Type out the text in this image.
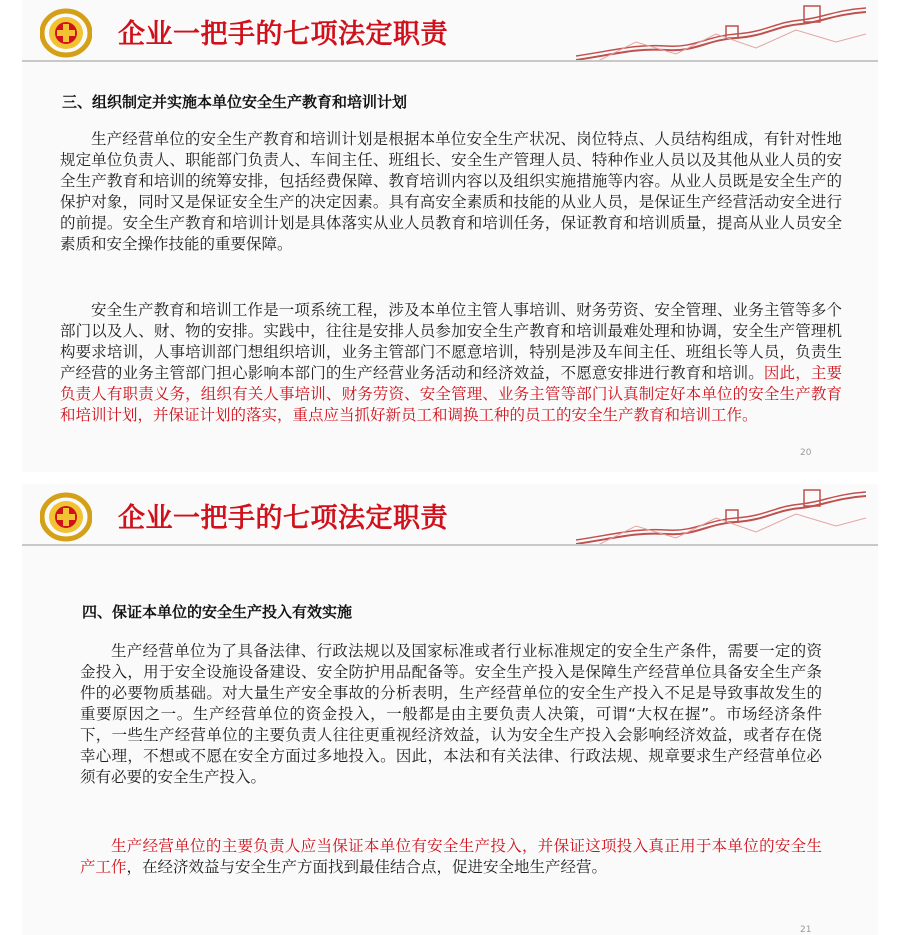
企业一把手的七项法定职责
三、组织制定并实施本单位安全生产教育和培训计划

生产经营单位的安全生产教育和培训计划是根据本单位安全生产状况、岗位特点、人员结构组成，有针对性地规定单位负责人、职能部门负责人、车间主任、班组长、安全生产管理人员、特种作业人员以及其他从业人员的安全生产教育和培训的统筹安排，包括经费保障、教育培训内容以及组织实施措施等内容。从业人员既是安全生产的保护对象，同时又是保证安全生产的决定因素。具有高安全素质和技能的从业人员，是保证生产经营活动安全进行的前提。安全生产教育和培训计划是具体落实从业人员教育和培训任务，保证教育和培训质量，提高从业人员安全素质和安全操作技能的重要保障。

安全生产教育和培训工作是一项系统工程，涉及本单位主管人事培训、财务劳资、安全管理、业务主管等多个部门以及人、财、物的安排。实践中，往往是安排人员参加安全生产教育和培训最难处理和协调，安全生产管理机构要求培训，人事培训部门想组织培训，业务主管部门不愿意培训，特别是涉及车间主任、班组长等人员，负责生产经营的业务主管部门担心影响本部门的生产经营业务活动和经济效益，不愿意安排进行教育和培训。因此，主要负责人有职责义务，组织有关人事培训、财务劳资、安全管理、业务主管等部门认真制定好本单位的安全生产教育和培训计划，并保证计划的落实，重点应当抓好新员工和调换工种的员工的安全生产教育和培训工作。

20
企业一把手的七项法定职责
四、保证本单位的安全生产投入有效实施

生产经营单位为了具备法律、行政法规以及国家标准或者行业标准规定的安全生产条件，需要一定的资金投入，用于安全设施设备建设、安全防护用品配备等。安全生产投入是保障生产经营单位具备安全生产条件的必要物质基础。对大量生产安全事故的分析表明，生产经营单位的安全生产投入不足是导致事故发生的重要原因之一。生产经营单位的资金投入，一般都是由主要负责人决策，可谓“大权在握”。市场经济条件下，一些生产经营单位的主要负责人往往更重视经济效益，认为安全生产投入会影响经济效益，或者存在侥幸心理，不想或不愿在安全方面过多地投入。因此，本法和有关法律、行政法规、规章要求生产经营单位必须有必要的安全生产投入。

生产经营单位的主要负责人应当保证本单位有安全生产投入，并保证这项投入真正用于本单位的安全生产工作，在经济效益与安全生产方面找到最佳结合点，促进安全地生产经营。

21
